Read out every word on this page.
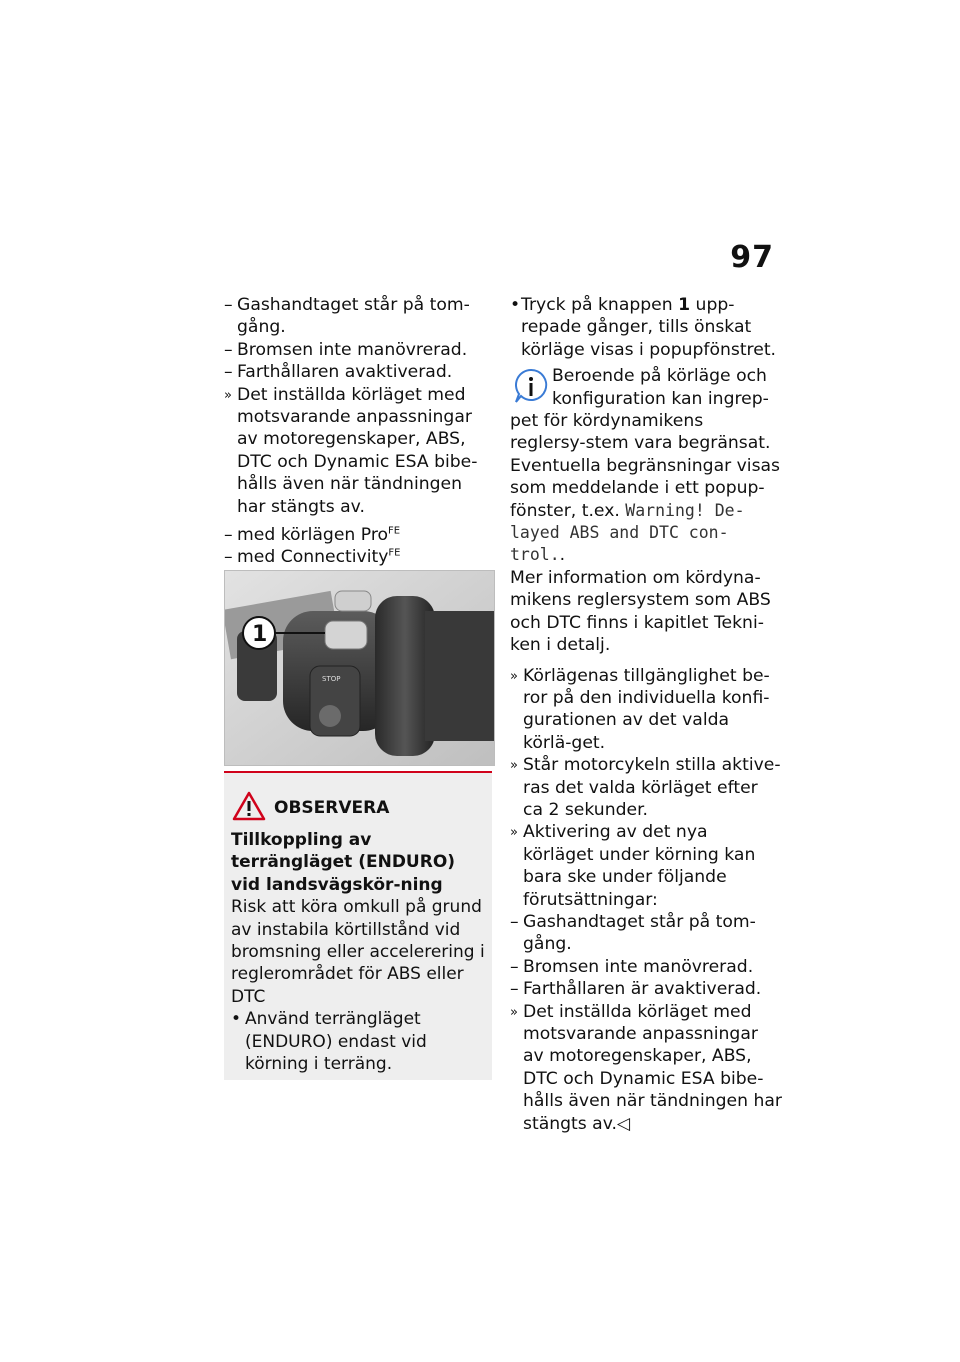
97

– Gashandtaget står på tom-gång.

– Bromsen inte manövrerad.

– Farthållaren avaktiverad.

» Det inställda körläget med motsvarande anpassningar av motoregenskaper, ABS, DTC och Dynamic ESA bibe-hålls även när tändningen har stängts av.

– med körlägen Pro$^{FE}$

– med Connectivity$^{FE}$

STOP
1
OBSERVERA
Tillkoppling av terrängläget (ENDURO) vid landsvägskör-ning
Risk att köra omkull på grund av instabila körtillstånd vid bromsning eller accelerering i reglerområdet för ABS eller DTC

• Använd terrängläget (ENDURO) endast vid körning i terräng.

• Tryck på knappen 1 upp-repade gånger, tills önskat körläge visas i popupfönstret.

Beroende på körläge och konfiguration kan ingrep-
pet för kördynamikens reglersy-stem vara begränsat.
Eventuella begränsningar visas som meddelande i ett popup-fönster, t.ex. Warning! De-layed ABS and DTC con-trol..
Mer information om kördyna-mikens reglersystem som ABS och DTC finns i kapitlet Tekni-ken i detalj.

» Körlägenas tillgänglighet be-ror på den individuella konfi-gurationen av det valda körlä-get.

» Står motorcykeln stilla aktive-ras det valda körläget efter ca 2 sekunder.

» Aktivering av det nya körläget under körning kan bara ske under följande förutsättningar:

– Gashandtaget står på tom-gång.

– Bromsen inte manövrerad.

– Farthållaren är avaktiverad.

» Det inställda körläget med motsvarande anpassningar av motoregenskaper, ABS, DTC och Dynamic ESA bibe-hålls även när tändningen har stängts av.◁
